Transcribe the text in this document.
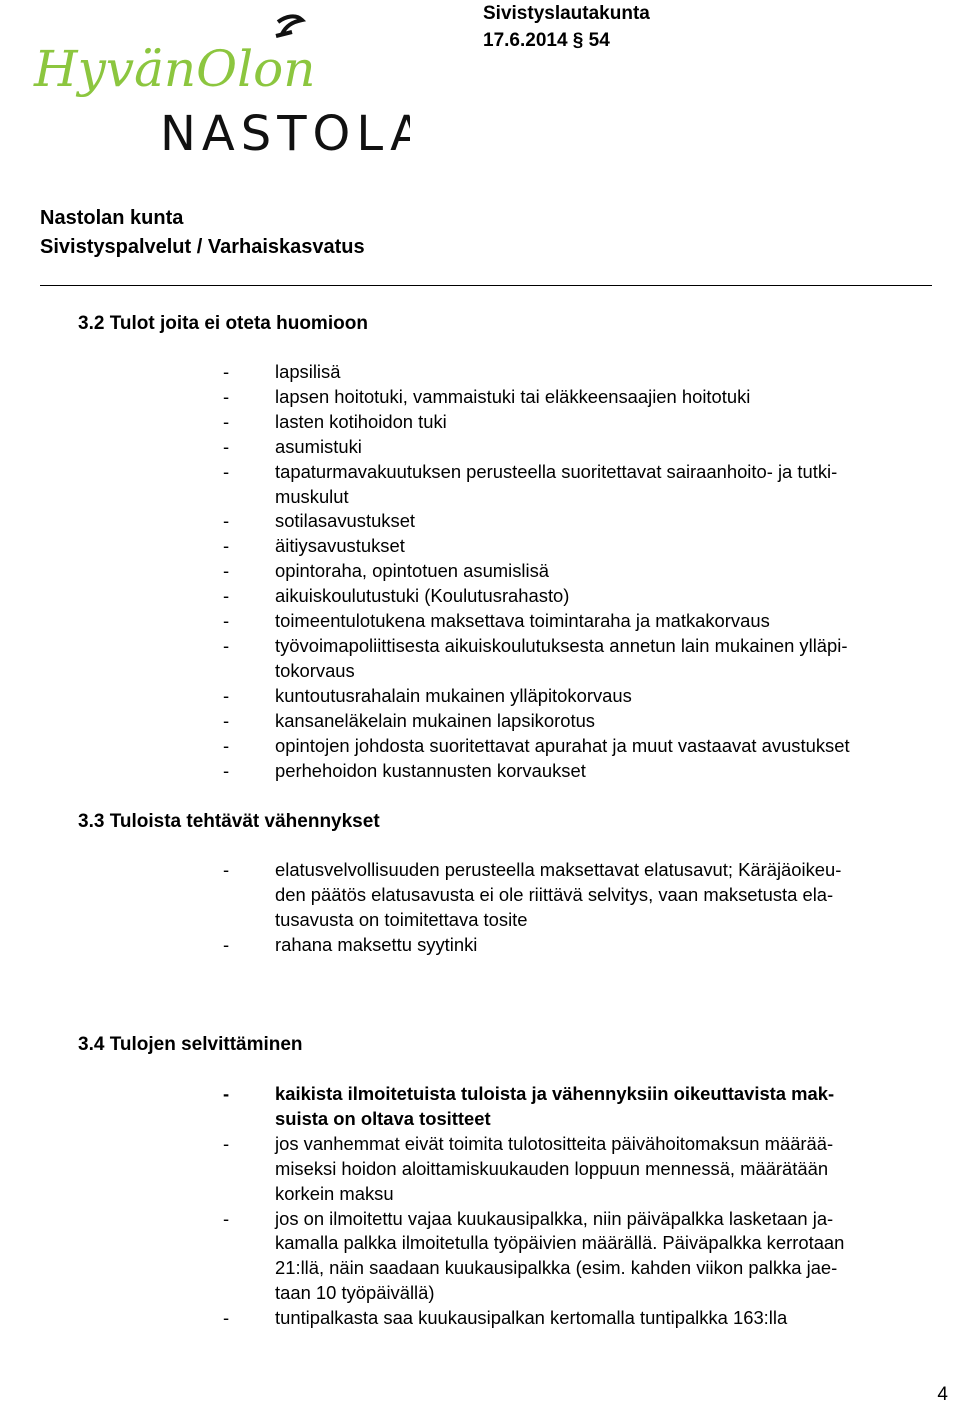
HyvänOlon
NASTOLA
Sivistyslautakunta
17.6.2014 § 54
Nastolan kunta
Sivistyspalvelut / Varhaiskasvatus
3.2 Tulot joita ei oteta huomioon
3.3 Tuloista tehtävät vähennykset
3.4 Tulojen selvittäminen
- lapsilisä
- lapsen hoitotuki, vammaistuki tai eläkkeensaajien hoitotuki
- lasten kotihoidon tuki
- asumistuki
- tapaturmavakuutuksen perusteella suoritettavat sairaanhoito- ja tutki-
muskulut
- sotilasavustukset
- äitiysavustukset
- opintoraha, opintotuen asumislisä
- aikuiskoulutustuki (Koulutusrahasto)
- toimeentulotukena maksettava toimintaraha ja matkakorvaus
- työvoimapoliittisesta aikuiskoulutuksesta annetun lain mukainen ylläpi-
tokorvaus
- kuntoutusrahalain mukainen ylläpitokorvaus
- kansaneläkelain mukainen lapsikorotus
- opintojen johdosta suoritettavat apurahat ja muut vastaavat avustukset
- perhehoidon kustannusten korvaukset
- elatusvelvollisuuden perusteella maksettavat elatusavut; Käräjäoikeu-
den päätös elatusavusta ei ole riittävä selvitys, vaan maksetusta ela-
tusavusta on toimitettava tosite
- rahana maksettu syytinki
- kaikista ilmoitetuista tuloista ja vähennyksiin oikeuttavista mak-
suista on oltava tositteet
- jos vanhemmat eivät toimita tulotositteita päivähoitomaksun määrää-
miseksi hoidon aloittamiskuukauden loppuun mennessä, määrätään
korkein maksu
- jos on ilmoitettu vajaa kuukausipalkka, niin päiväpalkka lasketaan ja-
kamalla palkka ilmoitetulla työpäivien määrällä. Päiväpalkka kerrotaan
21:llä, näin saadaan kuukausipalkka (esim. kahden viikon palkka jae-
taan 10 työpäivällä)
- tuntipalkasta saa kuukausipalkan kertomalla tuntipalkka 163:lla
4
